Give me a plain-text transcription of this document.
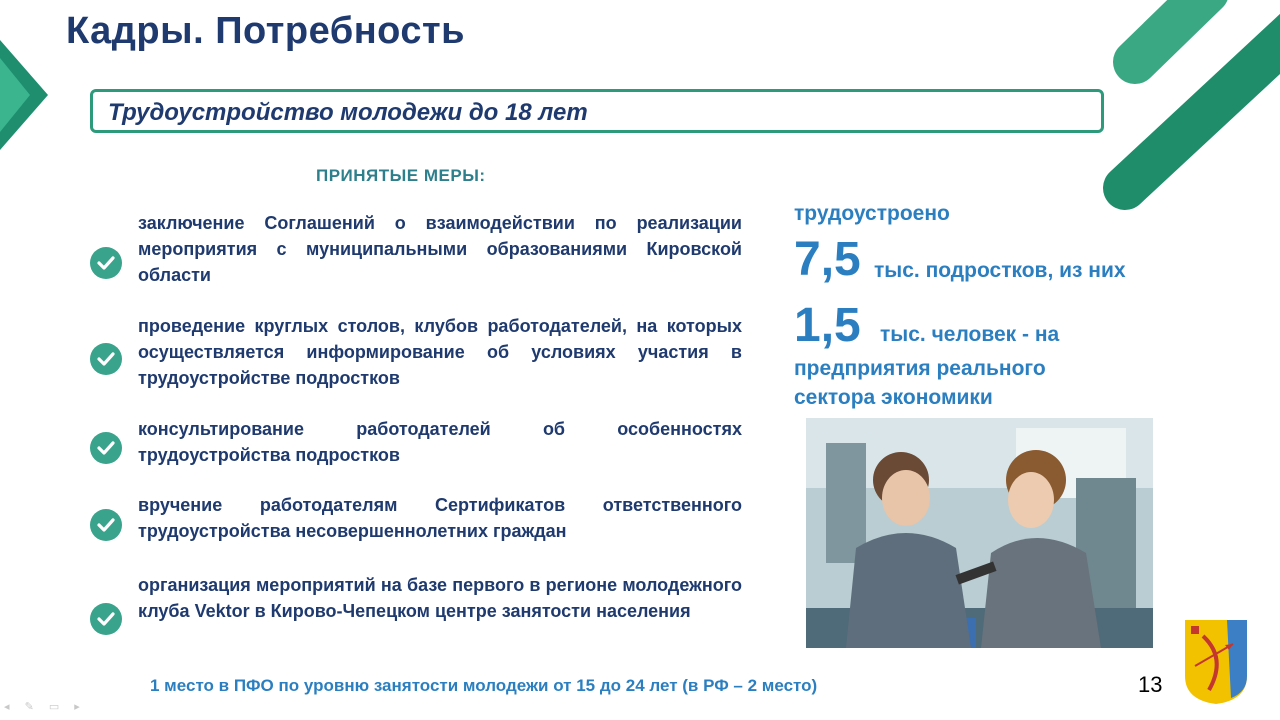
Кадры. Потребность
Трудоустройство молодежи до 18 лет
ПРИНЯТЫЕ МЕРЫ:
заключение Соглашений о взаимодействии по реализации мероприятия с муниципальными образованиями Кировской области
проведение круглых столов, клубов работодателей, на которых осуществляется информирование об условиях участия в трудоустройстве подростков
консультирование работодателей об особенностях трудоустройства подростков
вручение работодателям Сертификатов ответственного трудоустройства несовершеннолетних граждан
организация мероприятий на базе первого в регионе молодежного клуба Vektor в Кирово-Чепецком центре занятости населения
трудоустроено
7,5 тыс. подростков, из них
1,5 тыс. человек - на
предприятия реального
сектора экономики
1 место в ПФО по уровню занятости молодежи от 15 до 24 лет (в РФ – 2 место)	13
◂ ✎ ▭ ▸
